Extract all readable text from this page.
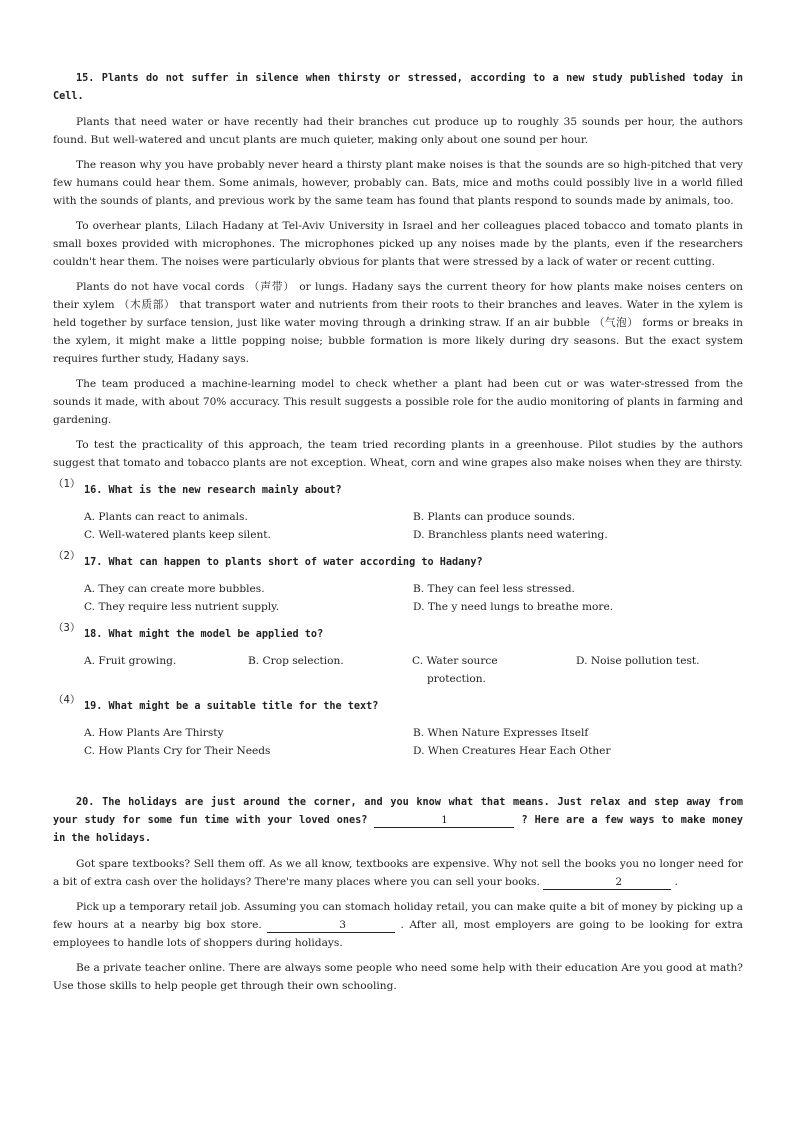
15. Plants do not suffer in silence when thirsty or stressed, according to a new study published today in Cell.

Plants that need water or have recently had their branches cut produce up to roughly 35 sounds per hour, the authors found. But well-watered and uncut plants are much quieter, making only about one sound per hour.

The reason why you have probably never heard a thirsty plant make noises is that the sounds are so high-pitched that very few humans could hear them. Some animals, however, probably can. Bats, mice and moths could possibly live in a world filled with the sounds of plants, and previous work by the same team has found that plants respond to sounds made by animals, too.

To overhear plants, Lilach Hadany at Tel-Aviv University in Israel and her colleagues placed tobacco and tomato plants in small boxes provided with microphones. The microphones picked up any noises made by the plants, even if the researchers couldn't hear them. The noises were particularly obvious for plants that were stressed by a lack of water or recent cutting.

Plants do not have vocal cords （声带） or lungs. Hadany says the current theory for how plants make noises centers on their xylem （木质部） that transport water and nutrients from their roots to their branches and leaves. Water in the xylem is held together by surface tension, just like water moving through a drinking straw. If an air bubble （气泡） forms or breaks in the xylem, it might make a little popping noise; bubble formation is more likely during dry seasons. But the exact system requires further study, Hadany says.

The team produced a machine-learning model to check whether a plant had been cut or was water-stressed from the sounds it made, with about 70% accuracy. This result suggests a possible role for the audio monitoring of plants in farming and gardening.

To test the practicality of this approach, the team tried recording plants in a greenhouse. Pilot studies by the authors suggest that tomato and tobacco plants are not exception. Wheat, corn and wine grapes also make noises when they are thirsty.

（1）
16. What is the new research mainly about?
A. Plants can react to animals.	B. Plants can produce sounds.
C. Well-watered plants keep silent.	D. Branchless plants need watering.
（2）
17. What can happen to plants short of water according to Hadany?
A. They can create more bubbles.	B. They can feel less stressed.
C. They require less nutrient supply.	D. The y need lungs to breathe more.
（3）
18. What might the model be applied to?
A. Fruit growing.	B. Crop selection.	C. Water source	D. Noise pollution test.
protection.
（4）
19. What might be a suitable title for the text?
A. How Plants Are Thirsty	B. When Nature Expresses Itself
C. How Plants Cry for Their Needs	D. When Creatures Hear Each Other
20. The holidays are just around the corner, and you know what that means. Just relax and step away from your study for some fun time with your loved ones?	1	? Here are a few ways to make money in the holidays.

Got spare textbooks? Sell them off. As we all know, textbooks are expensive. Why not sell the books you no longer need for a bit of extra cash over the holidays? There're many places where you can sell your books.	2	.

Pick up a temporary retail job. Assuming you can stomach holiday retail, you can make quite a bit of money by picking up a few hours at a nearby big box store.	3	. After all, most employers are going to be looking for extra employees to handle lots of shoppers during holidays.

Be a private teacher online. There are always some people who need some help with their education Are you good at math? Use those skills to help people get through their own schooling.
